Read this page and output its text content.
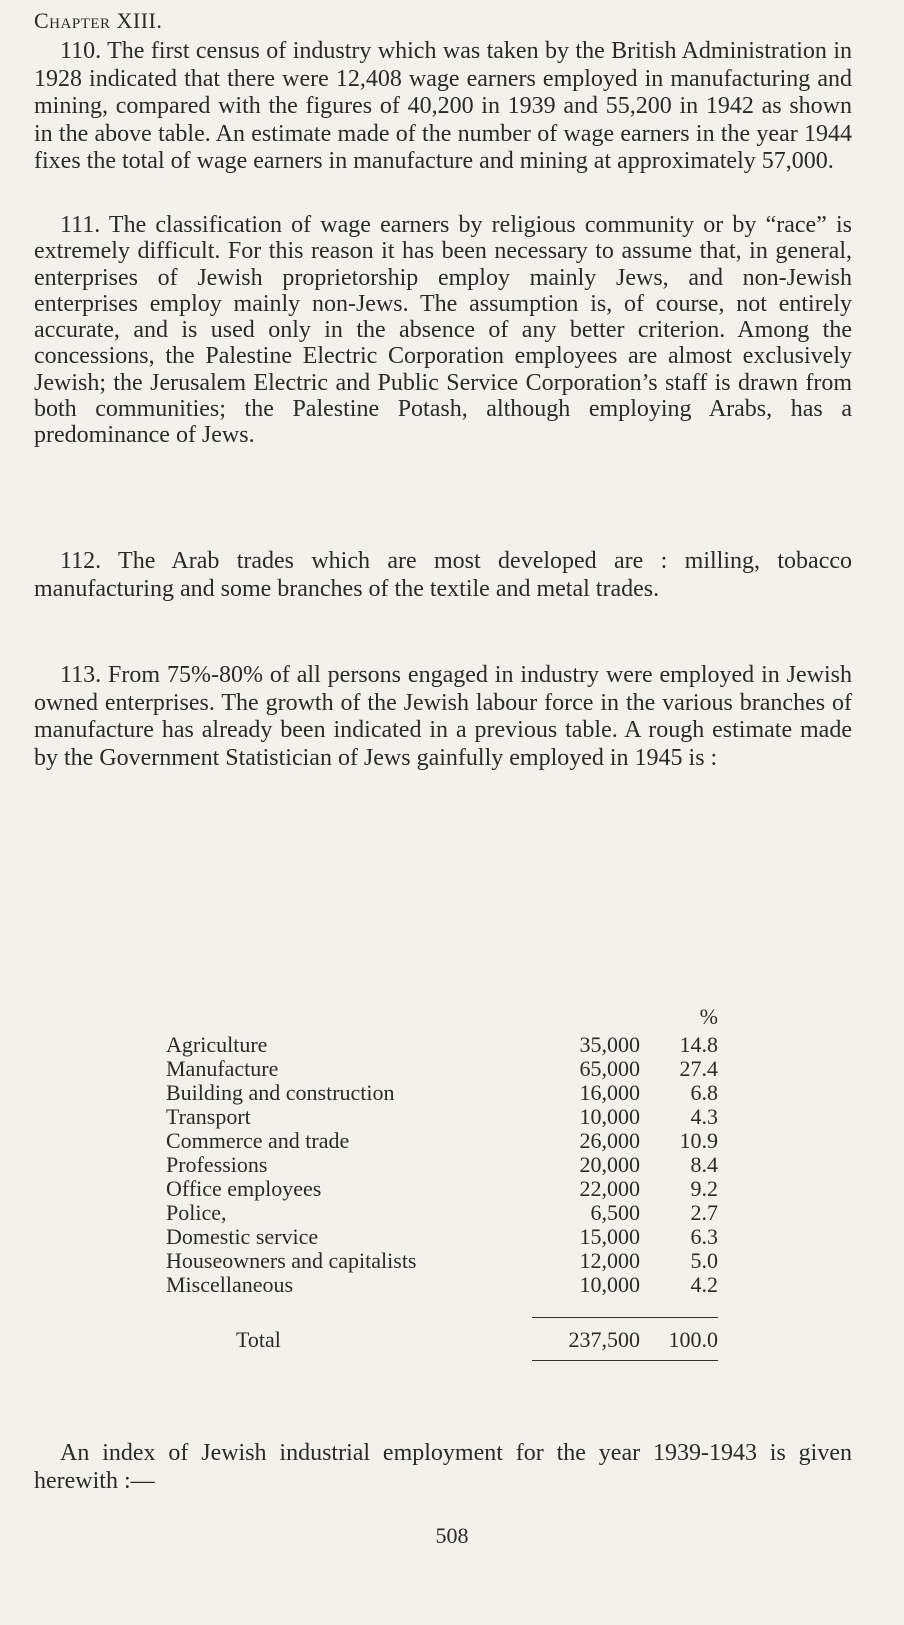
Chapter XIII.

110. The first census of industry which was taken by the British Administration in 1928 indicated that there were 12,408 wage earners employed in manufacturing and mining, compared with the figures of 40,200 in 1939 and 55,200 in 1942 as shown in the above table. An estimate made of the number of wage earners in the year 1944 fixes the total of wage earners in manufacture and mining at approximately 57,000.

111. The classification of wage earners by religious community or by “race” is extremely difficult. For this reason it has been necessary to assume that, in general, enterprises of Jewish proprietorship employ mainly Jews, and non-Jewish enterprises employ mainly non-Jews. The assumption is, of course, not entirely accurate, and is used only in the absence of any better criterion. Among the concessions, the Palestine Electric Corporation employees are almost exclusively Jewish; the Jerusalem Electric and Public Service Corporation’s staff is drawn from both communities; the Palestine Potash, although employing Arabs, has a predominance of Jews.

112. The Arab trades which are most developed are : milling, tobacco manufacturing and some branches of the textile and metal trades.

113. From 75%-80% of all persons engaged in industry were employed in Jewish owned enterprises. The growth of the Jewish labour force in the various branches of manufacture has already been indicated in a previous table. A rough estimate made by the Government Statistician of Jews gainfully employed in 1945 is :

%
Agriculture	35,000	14.8
Manufacture	65,000	27.4
Building and construction	16,000	6.8
Transport	10,000	4.3
Commerce and trade	26,000	10.9
Professions	20,000	8.4
Office employees	22,000	9.2
Police,	6,500	2.7
Domestic service	15,000	6.3
Houseowners and capitalists	12,000	5.0
Miscellaneous	10,000	4.2
Total	237,500	100.0

An index of Jewish industrial employment for the year 1939-1943 is given herewith :—

508
